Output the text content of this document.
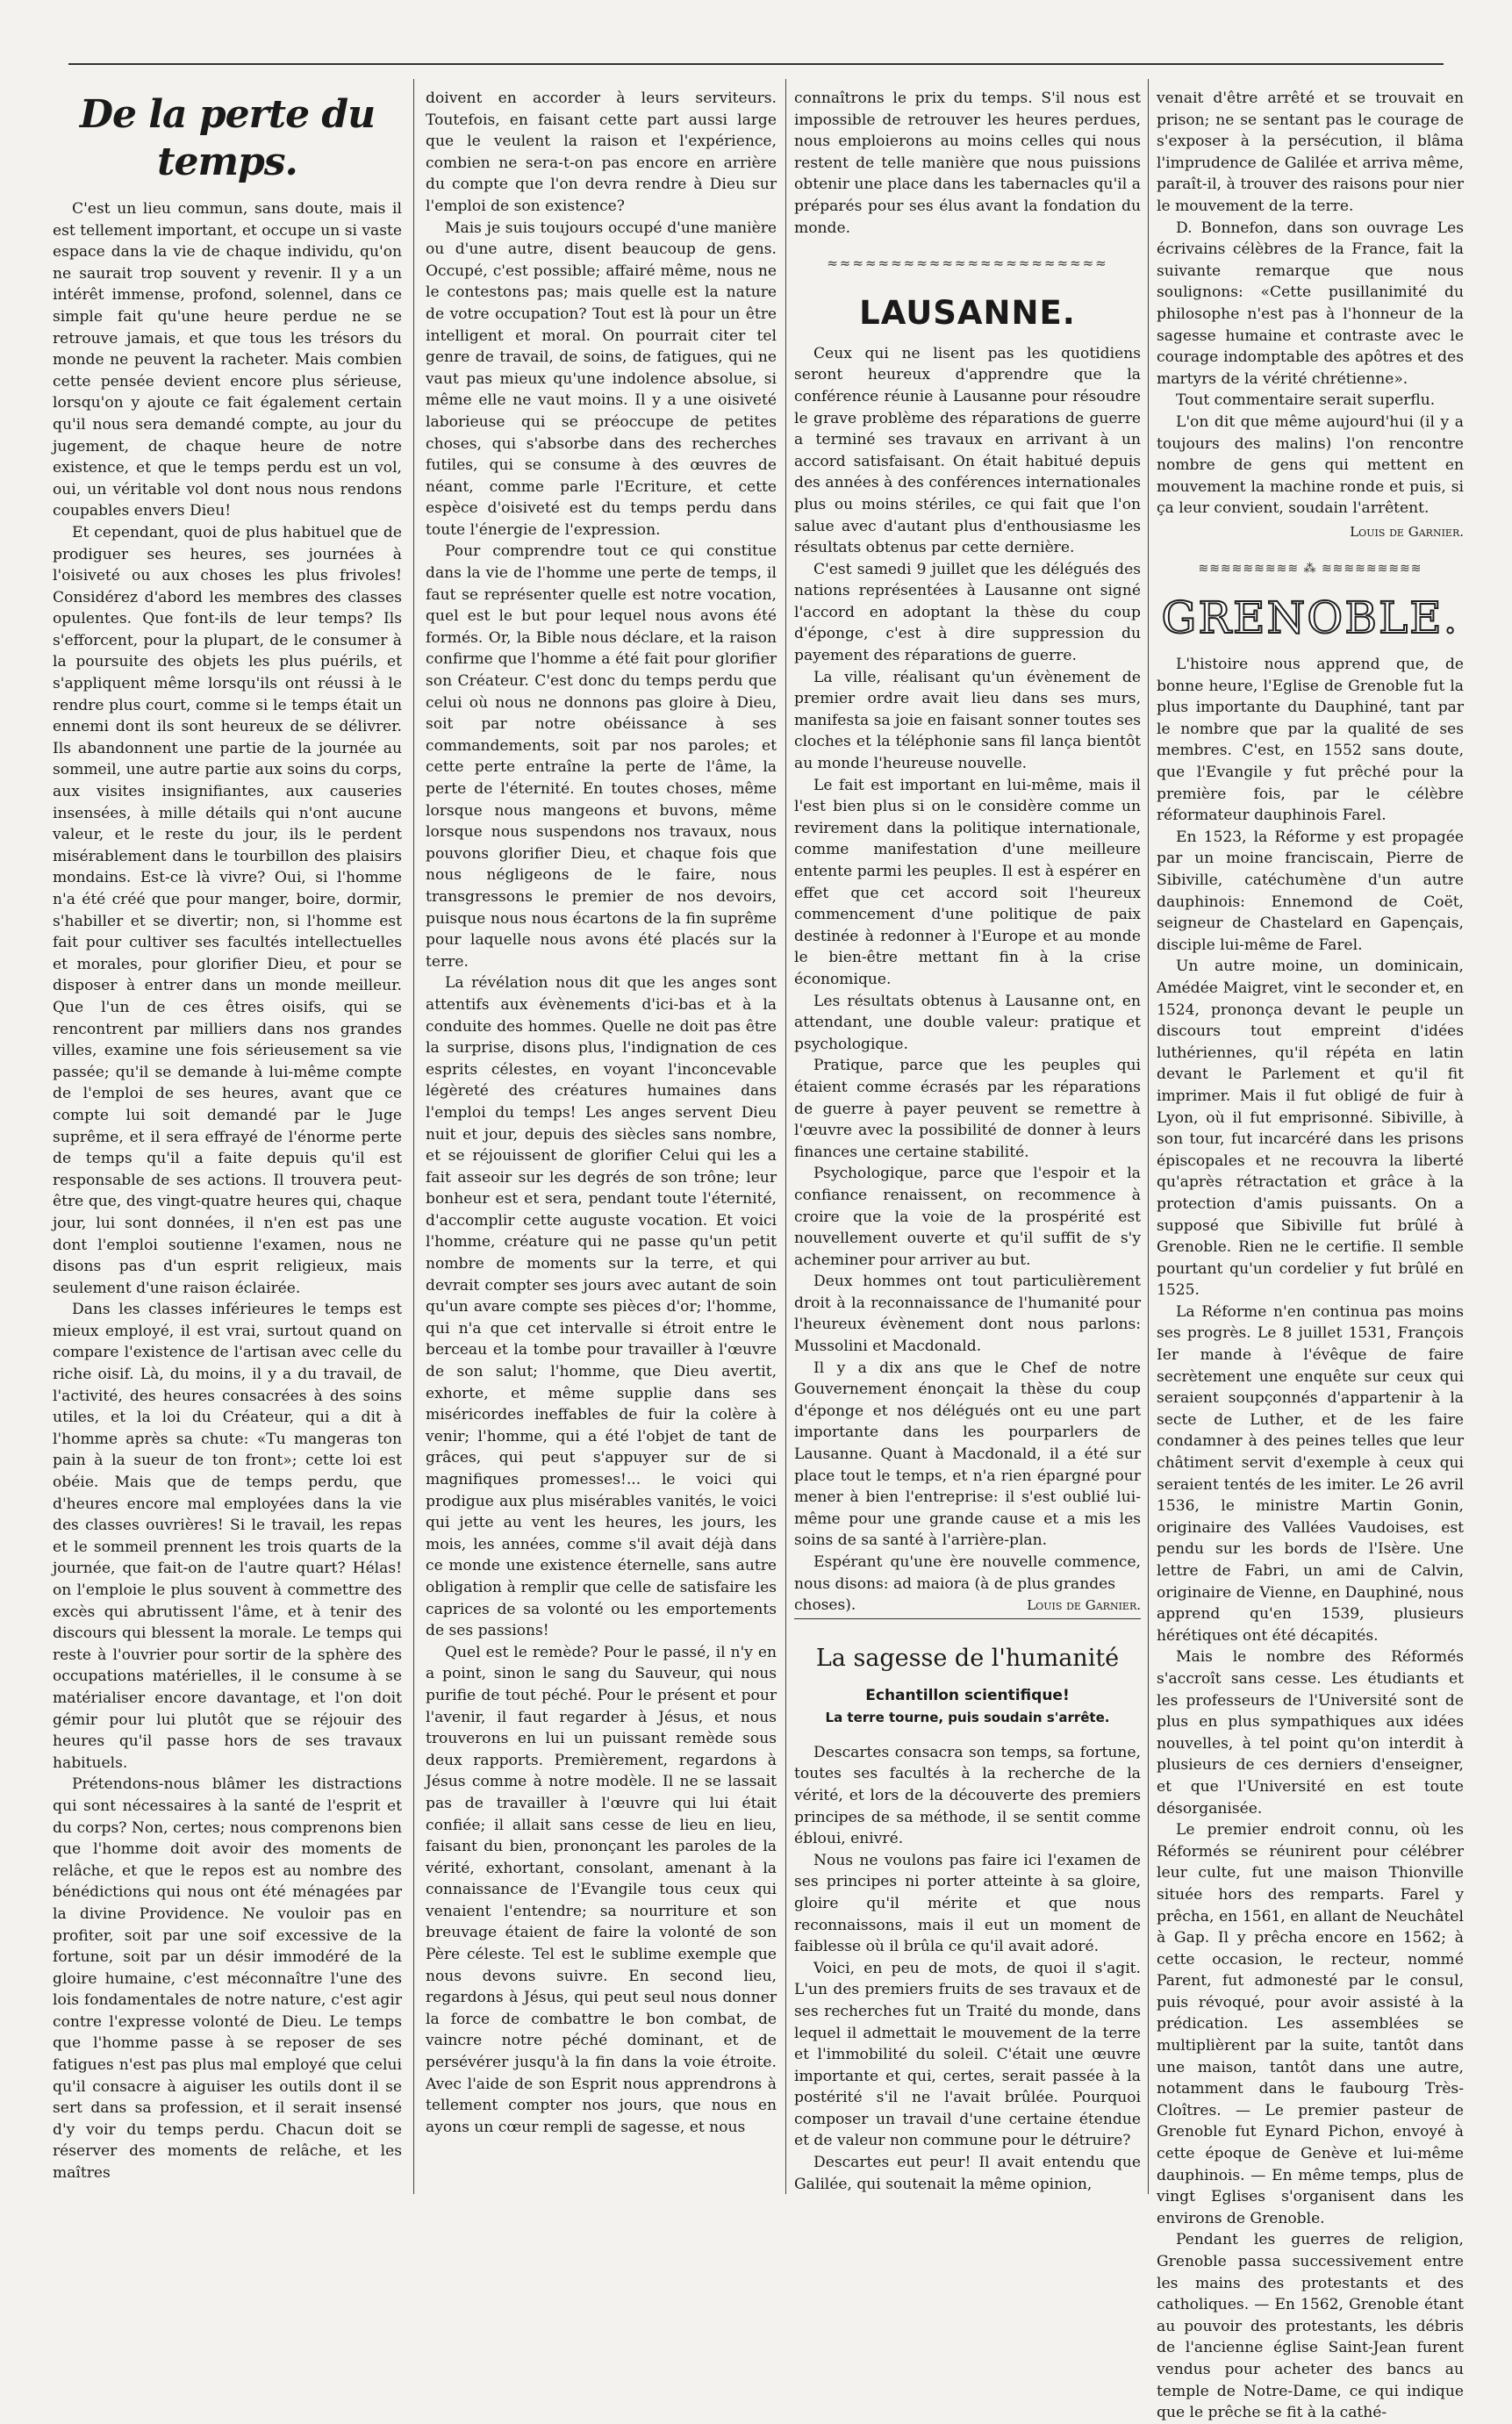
De la perte du temps.

C'est un lieu commun, sans doute, mais il est tellement important, et occupe un si vaste espace dans la vie de chaque individu, qu'on ne saurait trop souvent y revenir. Il y a un intérêt immense, profond, solennel, dans ce simple fait qu'une heure perdue ne se retrouve jamais, et que tous les trésors du monde ne peuvent la racheter. Mais combien cette pensée devient encore plus sérieuse, lorsqu'on y ajoute ce fait également certain qu'il nous sera demandé compte, au jour du jugement, de chaque heure de notre existence, et que le temps perdu est un vol, oui, un véritable vol dont nous nous rendons coupables envers Dieu!

Et cependant, quoi de plus habituel que de prodiguer ses heures, ses journées à l'oisiveté ou aux choses les plus frivoles! Considérez d'abord les membres des classes opulentes. Que font-ils de leur temps? Ils s'efforcent, pour la plupart, de le consumer à la poursuite des objets les plus puérils, et s'appliquent même lorsqu'ils ont réussi à le rendre plus court, comme si le temps était un ennemi dont ils sont heureux de se délivrer. Ils abandonnent une partie de la journée au sommeil, une autre partie aux soins du corps, aux visites insignifiantes, aux causeries insensées, à mille détails qui n'ont aucune valeur, et le reste du jour, ils le perdent misérablement dans le tourbillon des plaisirs mondains. Est-ce là vivre? Oui, si l'homme n'a été créé que pour manger, boire, dormir, s'habiller et se divertir; non, si l'homme est fait pour cultiver ses facultés intellectuelles et morales, pour glorifier Dieu, et pour se disposer à entrer dans un monde meilleur. Que l'un de ces êtres oisifs, qui se rencontrent par milliers dans nos grandes villes, examine une fois sérieusement sa vie passée; qu'il se demande à lui-même compte de l'emploi de ses heures, avant que ce compte lui soit demandé par le Juge suprême, et il sera effrayé de l'énorme perte de temps qu'il a faite depuis qu'il est responsable de ses actions. Il trouvera peut-être que, des vingt-quatre heures qui, chaque jour, lui sont données, il n'en est pas une dont l'emploi soutienne l'examen, nous ne disons pas d'un esprit religieux, mais seulement d'une raison éclairée.

Dans les classes inférieures le temps est mieux employé, il est vrai, surtout quand on compare l'existence de l'artisan avec celle du riche oisif. Là, du moins, il y a du travail, de l'activité, des heures consacrées à des soins utiles, et la loi du Créateur, qui a dit à l'homme après sa chute: «Tu mangeras ton pain à la sueur de ton front»; cette loi est obéie. Mais que de temps perdu, que d'heures encore mal employées dans la vie des classes ouvrières! Si le travail, les repas et le sommeil prennent les trois quarts de la journée, que fait-on de l'autre quart? Hélas! on l'emploie le plus souvent à commettre des excès qui abrutissent l'âme, et à tenir des discours qui blessent la morale. Le temps qui reste à l'ouvrier pour sortir de la sphère des occupations matérielles, il le consume à se matérialiser encore davantage, et l'on doit gémir pour lui plutôt que se réjouir des heures qu'il passe hors de ses travaux habituels.

Prétendons-nous blâmer les distractions qui sont nécessaires à la santé de l'esprit et du corps? Non, certes; nous comprenons bien que l'homme doit avoir des moments de relâche, et que le repos est au nombre des bénédictions qui nous ont été ménagées par la divine Providence. Ne vouloir pas en profiter, soit par une soif excessive de la fortune, soit par un désir immodéré de la gloire humaine, c'est méconnaître l'une des lois fondamentales de notre nature, c'est agir contre l'expresse volonté de Dieu. Le temps que l'homme passe à se reposer de ses fatigues n'est pas plus mal employé que celui qu'il consacre à aiguiser les outils dont il se sert dans sa profession, et il serait insensé d'y voir du temps perdu. Chacun doit se réserver des moments de relâche, et les maîtres

doivent en accorder à leurs serviteurs. Toutefois, en faisant cette part aussi large que le veulent la raison et l'expérience, combien ne sera-t-on pas encore en arrière du compte que l'on devra rendre à Dieu sur l'emploi de son existence?

Mais je suis toujours occupé d'une manière ou d'une autre, disent beaucoup de gens. Occupé, c'est possible; affairé même, nous ne le contestons pas; mais quelle est la nature de votre occupation? Tout est là pour un être intelligent et moral. On pourrait citer tel genre de travail, de soins, de fatigues, qui ne vaut pas mieux qu'une indolence absolue, si même elle ne vaut moins. Il y a une oisiveté laborieuse qui se préoccupe de petites choses, qui s'absorbe dans des recherches futiles, qui se consume à des œuvres de néant, comme parle l'Ecriture, et cette espèce d'oisiveté est du temps perdu dans toute l'énergie de l'expression.

Pour comprendre tout ce qui constitue dans la vie de l'homme une perte de temps, il faut se représenter quelle est notre vocation, quel est le but pour lequel nous avons été formés. Or, la Bible nous déclare, et la raison confirme que l'homme a été fait pour glorifier son Créateur. C'est donc du temps perdu que celui où nous ne donnons pas gloire à Dieu, soit par notre obéissance à ses commandements, soit par nos paroles; et cette perte entraîne la perte de l'âme, la perte de l'éternité. En toutes choses, même lorsque nous mangeons et buvons, même lorsque nous suspendons nos travaux, nous pouvons glorifier Dieu, et chaque fois que nous négligeons de le faire, nous transgressons le premier de nos devoirs, puisque nous nous écartons de la fin suprême pour laquelle nous avons été placés sur la terre.

La révélation nous dit que les anges sont attentifs aux évènements d'ici-bas et à la conduite des hommes. Quelle ne doit pas être la surprise, disons plus, l'indignation de ces esprits célestes, en voyant l'inconcevable légèreté des créatures humaines dans l'emploi du temps! Les anges servent Dieu nuit et jour, depuis des siècles sans nombre, et se réjouissent de glorifier Celui qui les a fait asseoir sur les degrés de son trône; leur bonheur est et sera, pendant toute l'éternité, d'accomplir cette auguste vocation. Et voici l'homme, créature qui ne passe qu'un petit nombre de moments sur la terre, et qui devrait compter ses jours avec autant de soin qu'un avare compte ses pièces d'or; l'homme, qui n'a que cet intervalle si étroit entre le berceau et la tombe pour travailler à l'œuvre de son salut; l'homme, que Dieu avertit, exhorte, et même supplie dans ses miséricordes ineffables de fuir la colère à venir; l'homme, qui a été l'objet de tant de grâces, qui peut s'appuyer sur de si magnifiques promesses!... le voici qui prodigue aux plus misérables vanités, le voici qui jette au vent les heures, les jours, les mois, les années, comme s'il avait déjà dans ce monde une existence éternelle, sans autre obligation à remplir que celle de satisfaire les caprices de sa volonté ou les emportements de ses passions!

Quel est le remède? Pour le passé, il n'y en a point, sinon le sang du Sauveur, qui nous purifie de tout péché. Pour le présent et pour l'avenir, il faut regarder à Jésus, et nous trouverons en lui un puissant remède sous deux rapports. Premièrement, regardons à Jésus comme à notre modèle. Il ne se lassait pas de travailler à l'œuvre qui lui était confiée; il allait sans cesse de lieu en lieu, faisant du bien, prononçant les paroles de la vérité, exhortant, consolant, amenant à la connaissance de l'Evangile tous ceux qui venaient l'entendre; sa nourriture et son breuvage étaient de faire la volonté de son Père céleste. Tel est le sublime exemple que nous devons suivre. En second lieu, regardons à Jésus, qui peut seul nous donner la force de combattre le bon combat, de vaincre notre péché dominant, et de persévérer jusqu'à la fin dans la voie étroite. Avec l'aide de son Esprit nous apprendrons à tellement compter nos jours, que nous en ayons un cœur rempli de sagesse, et nous

connaîtrons le prix du temps. S'il nous est impossible de retrouver les heures perdues, nous emploierons au moins celles qui nous restent de telle manière que nous puissions obtenir une place dans les tabernacles qu'il a préparés pour ses élus avant la fondation du monde.

≈≈≈≈≈≈≈≈≈≈≈≈≈≈≈≈≈≈≈≈≈≈
LAUSANNE.

Ceux qui ne lisent pas les quotidiens seront heureux d'apprendre que la conférence réunie à Lausanne pour résoudre le grave problème des réparations de guerre a terminé ses travaux en arrivant à un accord satisfaisant. On était habitué depuis des années à des conférences internationales plus ou moins stériles, ce qui fait que l'on salue avec d'autant plus d'enthousiasme les résultats obtenus par cette dernière.

C'est samedi 9 juillet que les délégués des nations représentées à Lausanne ont signé l'accord en adoptant la thèse du coup d'éponge, c'est à dire suppression du payement des réparations de guerre.

La ville, réalisant qu'un évènement de premier ordre avait lieu dans ses murs, manifesta sa joie en faisant sonner toutes ses cloches et la téléphonie sans fil lança bientôt au monde l'heureuse nouvelle.

Le fait est important en lui-même, mais il l'est bien plus si on le considère comme un revirement dans la politique internationale, comme manifestation d'une meilleure entente parmi les peuples. Il est à espérer en effet que cet accord soit l'heureux commencement d'une politique de paix destinée à redonner à l'Europe et au monde le bien-être mettant fin à la crise économique.

Les résultats obtenus à Lausanne ont, en attendant, une double valeur: pratique et psychologique.

Pratique, parce que les peuples qui étaient comme écrasés par les réparations de guerre à payer peuvent se remettre à l'œuvre avec la possibilité de donner à leurs finances une certaine stabilité.

Psychologique, parce que l'espoir et la confiance renaissent, on recommence à croire que la voie de la prospérité est nouvellement ouverte et qu'il suffit de s'y acheminer pour arriver au but.

Deux hommes ont tout particulièrement droit à la reconnaissance de l'humanité pour l'heureux évènement dont nous parlons: Mussolini et Macdonald.

Il y a dix ans que le Chef de notre Gouvernement énonçait la thèse du coup d'éponge et nos délégués ont eu une part importante dans les pourparlers de Lausanne. Quant à Macdonald, il a été sur place tout le temps, et n'a rien épargné pour mener à bien l'entreprise: il s'est oublié lui-même pour une grande cause et a mis les soins de sa santé à l'arrière-plan.

Espérant qu'une ère nouvelle commence, nous disons: ad maiora (à de plus grandes

choses).	Louis de Garnier.
La sagesse de l'humanité
Echantillon scientifique!
La terre tourne, puis soudain s'arrête.

Descartes consacra son temps, sa fortune, toutes ses facultés à la recherche de la vérité, et lors de la découverte des premiers principes de sa méthode, il se sentit comme ébloui, enivré.

Nous ne voulons pas faire ici l'examen de ses principes ni porter atteinte à sa gloire, gloire qu'il mérite et que nous reconnaissons, mais il eut un moment de faiblesse où il brûla ce qu'il avait adoré.

Voici, en peu de mots, de quoi il s'agit. L'un des premiers fruits de ses travaux et de ses recherches fut un Traité du monde, dans lequel il admettait le mouvement de la terre et l'immobilité du soleil. C'était une œuvre importante et qui, certes, serait passée à la postérité s'il ne l'avait brûlée. Pourquoi composer un travail d'une certaine étendue et de valeur non commune pour le détruire?

Descartes eut peur! Il avait entendu que Galilée, qui soutenait la même opinion,

venait d'être arrêté et se trouvait en prison; ne se sentant pas le courage de s'exposer à la persécution, il blâma l'imprudence de Galilée et arriva même, paraît-il, à trouver des raisons pour nier le mouvement de la terre.

D. Bonnefon, dans son ouvrage Les écrivains célèbres de la France, fait la suivante remarque que nous soulignons: «Cette pusillanimité du philosophe n'est pas à l'honneur de la sagesse humaine et contraste avec le courage indomptable des apôtres et des martyrs de la vérité chrétienne».

Tout commentaire serait superflu.

L'on dit que même aujourd'hui (il y a toujours des malins) l'on rencontre nombre de gens qui mettent en mouvement la machine ronde et puis, si ça leur convient, soudain l'arrêtent.

Louis de Garnier.
≋≋≋≋≋≋≋≋≋ ⁂ ≋≋≋≋≋≋≋≋≋
GRENOBLE.

L'histoire nous apprend que, de bonne heure, l'Eglise de Grenoble fut la plus importante du Dauphiné, tant par le nombre que par la qualité de ses membres. C'est, en 1552 sans doute, que l'Evangile y fut prêché pour la première fois, par le célèbre réformateur dauphinois Farel.

En 1523, la Réforme y est propagée par un moine franciscain, Pierre de Sibiville, catéchumène d'un autre dauphinois: Ennemond de Coët, seigneur de Chastelard en Gapençais, disciple lui-même de Farel.

Un autre moine, un dominicain, Amédée Maigret, vint le seconder et, en 1524, prononça devant le peuple un discours tout empreint d'idées luthériennes, qu'il répéta en latin devant le Parlement et qu'il fit imprimer. Mais il fut obligé de fuir à Lyon, où il fut emprisonné. Sibiville, à son tour, fut incarcéré dans les prisons épiscopales et ne recouvra la liberté qu'après rétractation et grâce à la protection d'amis puissants. On a supposé que Sibiville fut brûlé à Grenoble. Rien ne le certifie. Il semble pourtant qu'un cordelier y fut brûlé en 1525.

La Réforme n'en continua pas moins ses progrès. Le 8 juillet 1531, François Ier mande à l'évêque de faire secrètement une enquête sur ceux qui seraient soupçonnés d'appartenir à la secte de Luther, et de les faire condamner à des peines telles que leur châtiment servit d'exemple à ceux qui seraient tentés de les imiter. Le 26 avril 1536, le ministre Martin Gonin, originaire des Vallées Vaudoises, est pendu sur les bords de l'Isère. Une lettre de Fabri, un ami de Calvin, originaire de Vienne, en Dauphiné, nous apprend qu'en 1539, plusieurs hérétiques ont été décapités.

Mais le nombre des Réformés s'accroît sans cesse. Les étudiants et les professeurs de l'Université sont de plus en plus sympathiques aux idées nouvelles, à tel point qu'on interdit à plusieurs de ces derniers d'enseigner, et que l'Université en est toute désorganisée.

Le premier endroit connu, où les Réformés se réunirent pour célébrer leur culte, fut une maison Thionville située hors des remparts. Farel y prêcha, en 1561, en allant de Neuchâtel à Gap. Il y prêcha encore en 1562; à cette occasion, le recteur, nommé Parent, fut admonesté par le consul, puis révoqué, pour avoir assisté à la prédication. Les assemblées se multiplièrent par la suite, tantôt dans une maison, tantôt dans une autre, notamment dans le faubourg Très-Cloîtres. — Le premier pasteur de Grenoble fut Eynard Pichon, envoyé à cette époque de Genève et lui-même dauphinois. — En même temps, plus de vingt Eglises s'organisent dans les environs de Grenoble.

Pendant les guerres de religion, Grenoble passa successivement entre les mains des protestants et des catholiques. — En 1562, Grenoble étant au pouvoir des protestants, les débris de l'ancienne église Saint-Jean furent vendus pour acheter des bancs au temple de Notre-Dame, ce qui indique que le prêche se fit à la cathé-
